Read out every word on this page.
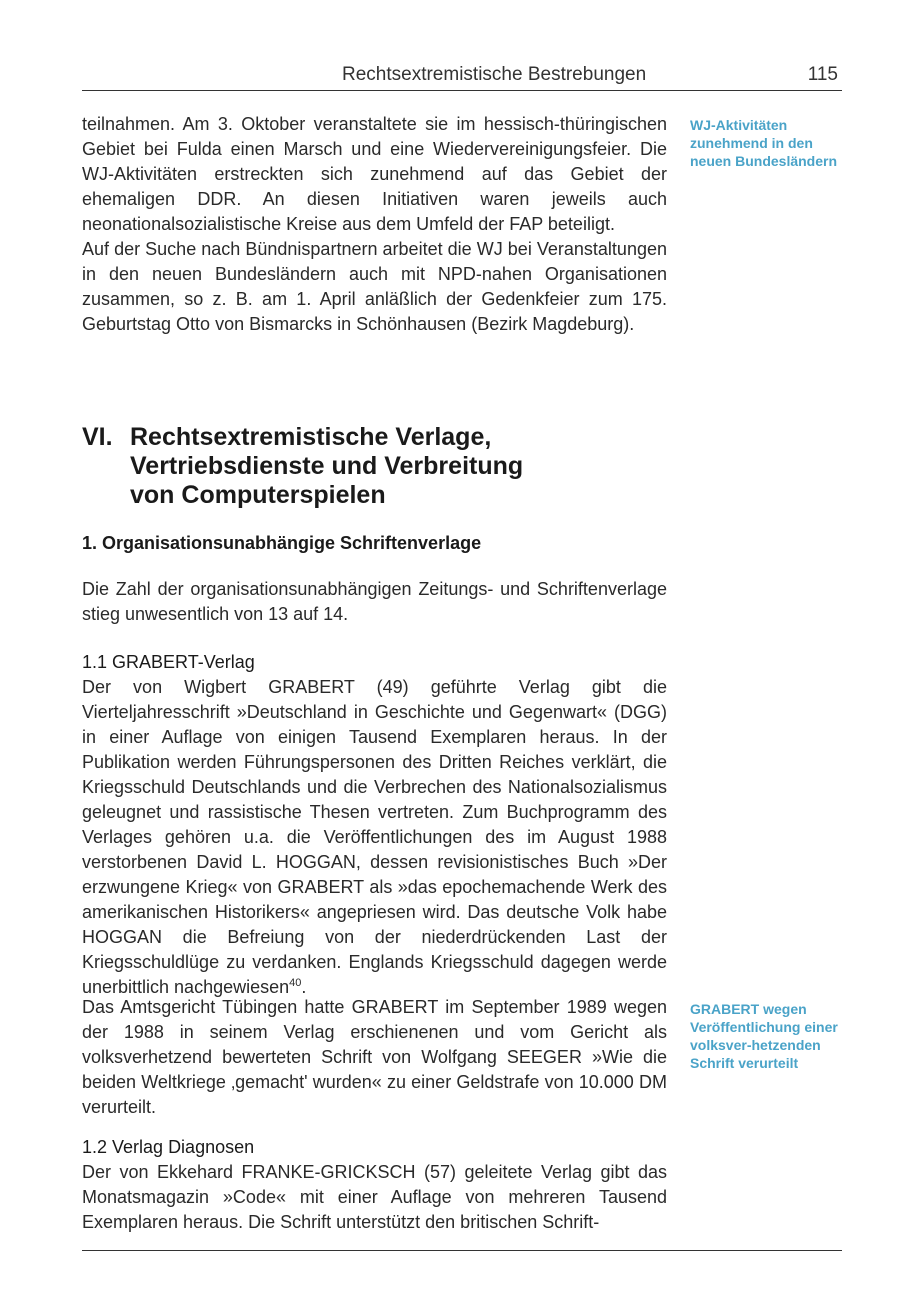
Rechtsextremistische Bestrebungen	115

teilnahmen. Am 3. Oktober veranstaltete sie im hessisch-thüringischen Gebiet bei Fulda einen Marsch und eine Wiedervereinigungsfeier. Die WJ-Aktivitäten erstreckten sich zunehmend auf das Gebiet der ehemaligen DDR. An diesen Initiativen waren jeweils auch neonationalsozialistische Kreise aus dem Umfeld der FAP beteiligt.

Auf der Suche nach Bündnispartnern arbeitet die WJ bei Veranstaltungen in den neuen Bundesländern auch mit NPD-nahen Organisationen zusammen, so z. B. am 1. April anläßlich der Gedenkfeier zum 175. Geburtstag Otto von Bismarcks in Schönhausen (Bezirk Magdeburg).

WJ-Aktivitäten zunehmend in den neuen Bundesländern
VI. Rechtsextremistische Verlage,
Vertriebsdienste und Verbreitung
von Computerspielen
1. Organisationsunabhängige Schriftenverlage

Die Zahl der organisationsunabhängigen Zeitungs- und Schriftenverlage stieg unwesentlich von 13 auf 14.

1.1 GRABERT-Verlag

Der von Wigbert GRABERT (49) geführte Verlag gibt die Vierteljahresschrift »Deutschland in Geschichte und Gegenwart« (DGG) in einer Auflage von einigen Tausend Exemplaren heraus. In der Publikation werden Führungspersonen des Dritten Reiches verklärt, die Kriegsschuld Deutschlands und die Verbrechen des Nationalsozialismus geleugnet und rassistische Thesen vertreten. Zum Buchprogramm des Verlages gehören u.a. die Veröffentlichungen des im August 1988 verstorbenen David L. HOGGAN, dessen revisionistisches Buch »Der erzwungene Krieg« von GRABERT als »das epochemachende Werk des amerikanischen Historikers« angepriesen wird. Das deutsche Volk habe HOGGAN die Befreiung von der niederdrückenden Last der Kriegsschuldlüge zu verdanken. Englands Kriegsschuld dagegen werde unerbittlich nachgewiesen$^{40}$.

Das Amtsgericht Tübingen hatte GRABERT im September 1989 wegen der 1988 in seinem Verlag erschienenen und vom Gericht als volksverhetzend bewerteten Schrift von Wolfgang SEEGER »Wie die beiden Weltkriege ‚gemacht' wurden« zu einer Geldstrafe von 10.000 DM verurteilt.

GRABERT wegen Veröffentlichung einer volksver-hetzenden Schrift verurteilt
1.2 Verlag Diagnosen

Der von Ekkehard FRANKE-GRICKSCH (57) geleitete Verlag gibt das Monatsmagazin »Code« mit einer Auflage von mehreren Tausend Exemplaren heraus. Die Schrift unterstützt den britischen Schrift-
